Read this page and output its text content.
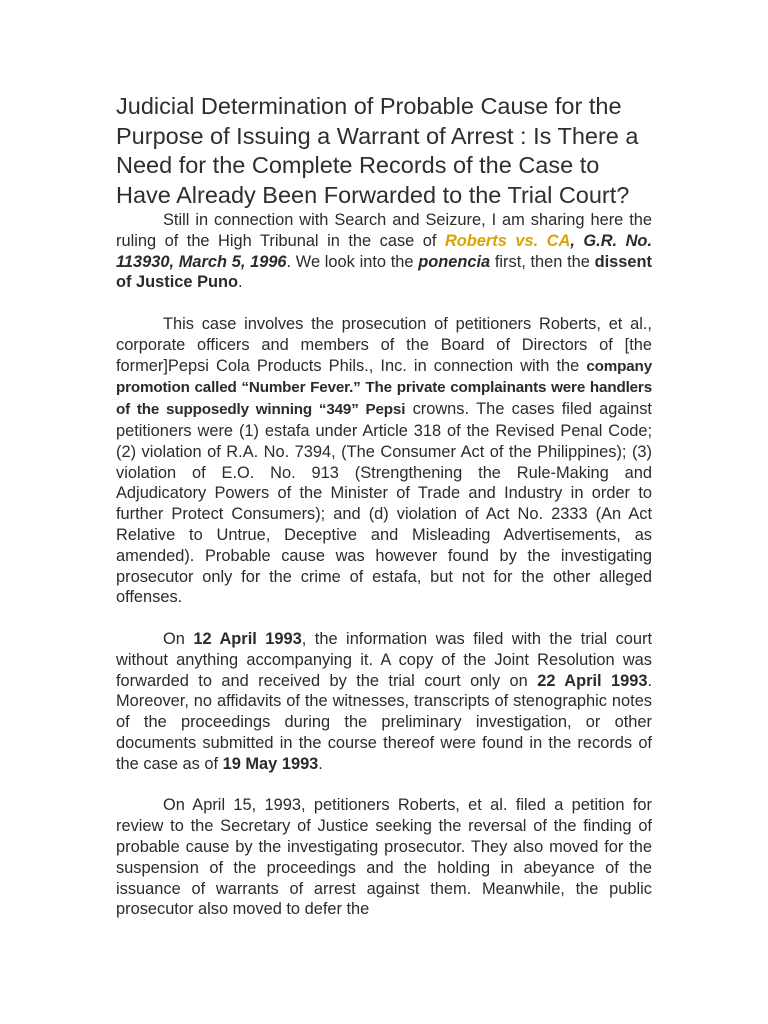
Judicial Determination of Probable Cause for the Purpose of Issuing a Warrant of Arrest : Is There a Need for the Complete Records of the Case to Have Already Been Forwarded to the Trial Court?

Still in connection with Search and Seizure, I am sharing here the ruling of the High Tribunal in the case of Roberts vs. CA, G.R. No. 113930, March 5, 1996. We look into the ponencia first, then the dissent of Justice Puno.

This case involves the prosecution of petitioners Roberts, et al., corporate officers and members of the Board of Directors of [the former]Pepsi Cola Products Phils., Inc. in connection with the company promotion called “Number Fever.” The private complainants were handlers of the supposedly winning “349” Pepsi crowns. The cases filed against petitioners were (1) estafa under Article 318 of the Revised Penal Code; (2) violation of R.A. No. 7394, (The Consumer Act of the Philippines); (3) violation of E.O. No. 913 (Strengthening the Rule-Making and Adjudicatory Powers of the Minister of Trade and Industry in order to further Protect Consumers); and (d) violation of Act No. 2333 (An Act Relative to Untrue, Deceptive and Misleading Advertisements, as amended). Probable cause was however found by the investigating prosecutor only for the crime of estafa, but not for the other alleged offenses.

On 12 April 1993, the information was filed with the trial court without anything accompanying it. A copy of the Joint Resolution was forwarded to and received by the trial court only on 22 April 1993. Moreover, no affidavits of the witnesses, transcripts of stenographic notes of the proceedings during the preliminary investigation, or other documents submitted in the course thereof were found in the records of the case as of 19 May 1993.

On April 15, 1993, petitioners Roberts, et al. filed a petition for review to the Secretary of Justice seeking the reversal of the finding of probable cause by the investigating prosecutor. They also moved for the suspension of the proceedings and the holding in abeyance of the issuance of warrants of arrest against them. Meanwhile, the public prosecutor also moved to defer the
